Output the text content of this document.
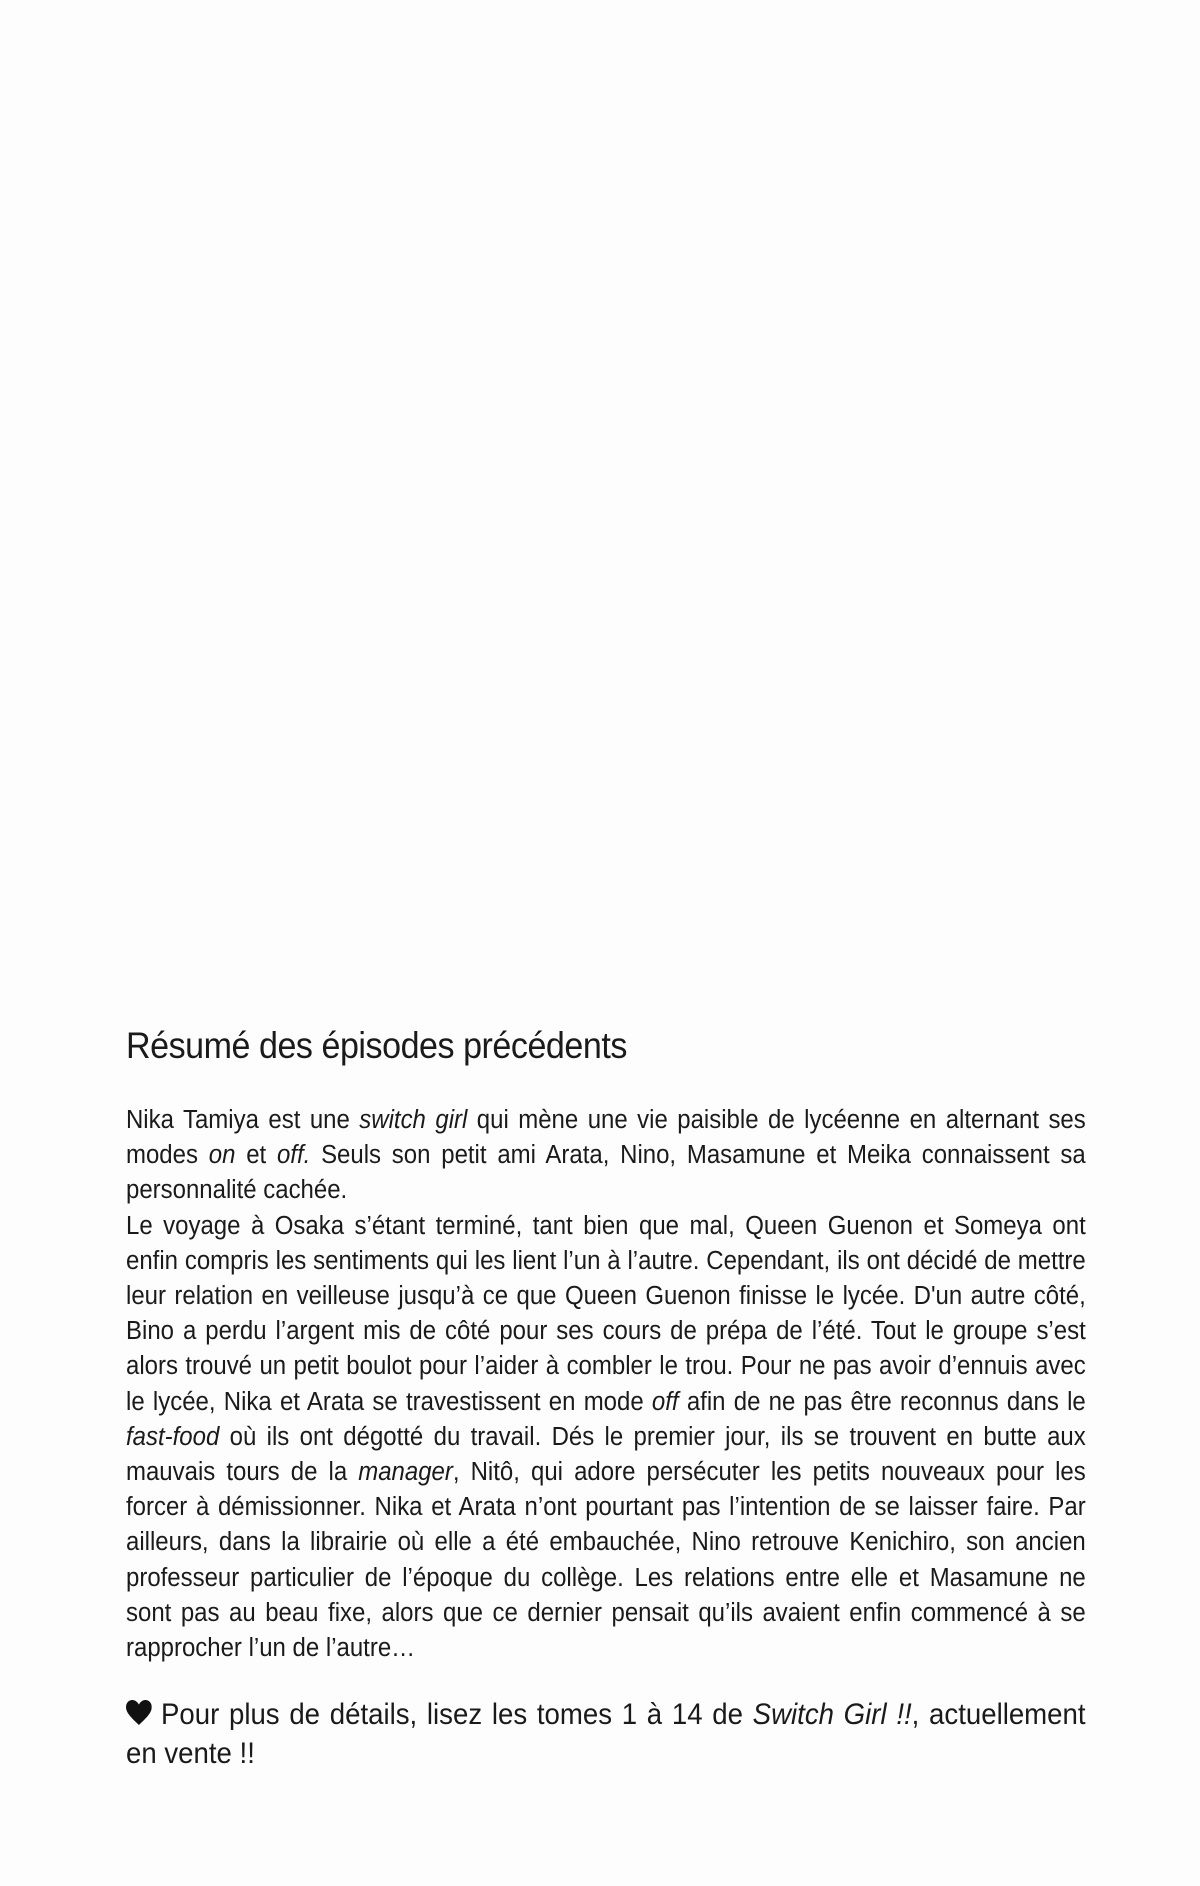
Résumé des épisodes précédents

Nika Tamiya est une switch girl qui mène une vie paisible de lycéenne en alternant ses modes on et off. Seuls son petit ami Arata, Nino, Masamune et Meika connaissent sa personnalité cachée.

Le voyage à Osaka s’étant terminé, tant bien que mal, Queen Guenon et Someya ont enfin compris les sentiments qui les lient l’un à l’autre. Cependant, ils ont décidé de mettre leur relation en veilleuse jusqu’à ce que Queen Guenon finisse le lycée. D'un autre côté, Bino a perdu l’argent mis de côté pour ses cours de prépa de l’été. Tout le groupe s’est alors trouvé un petit boulot pour l’aider à combler le trou. Pour ne pas avoir d’ennuis avec le lycée, Nika et Arata se travestissent en mode off afin de ne pas être reconnus dans le fast-food où ils ont dégotté du travail. Dés le premier jour, ils se trouvent en butte aux mauvais tours de la manager, Nitô, qui adore persécuter les petits nouveaux pour les forcer à démissionner. Nika et Arata n’ont pourtant pas l’intention de se laisser faire. Par ailleurs, dans la librairie où elle a été embauchée, Nino retrouve Kenichiro, son ancien professeur particulier de l’époque du collège. Les relations entre elle et Masamune ne sont pas au beau fixe, alors que ce dernier pensait qu’ils avaient enfin commencé à se rapprocher l’un de l’autre…

Pour plus de détails, lisez les tomes 1 à 14 de Switch Girl !!, actuellement en vente !!
